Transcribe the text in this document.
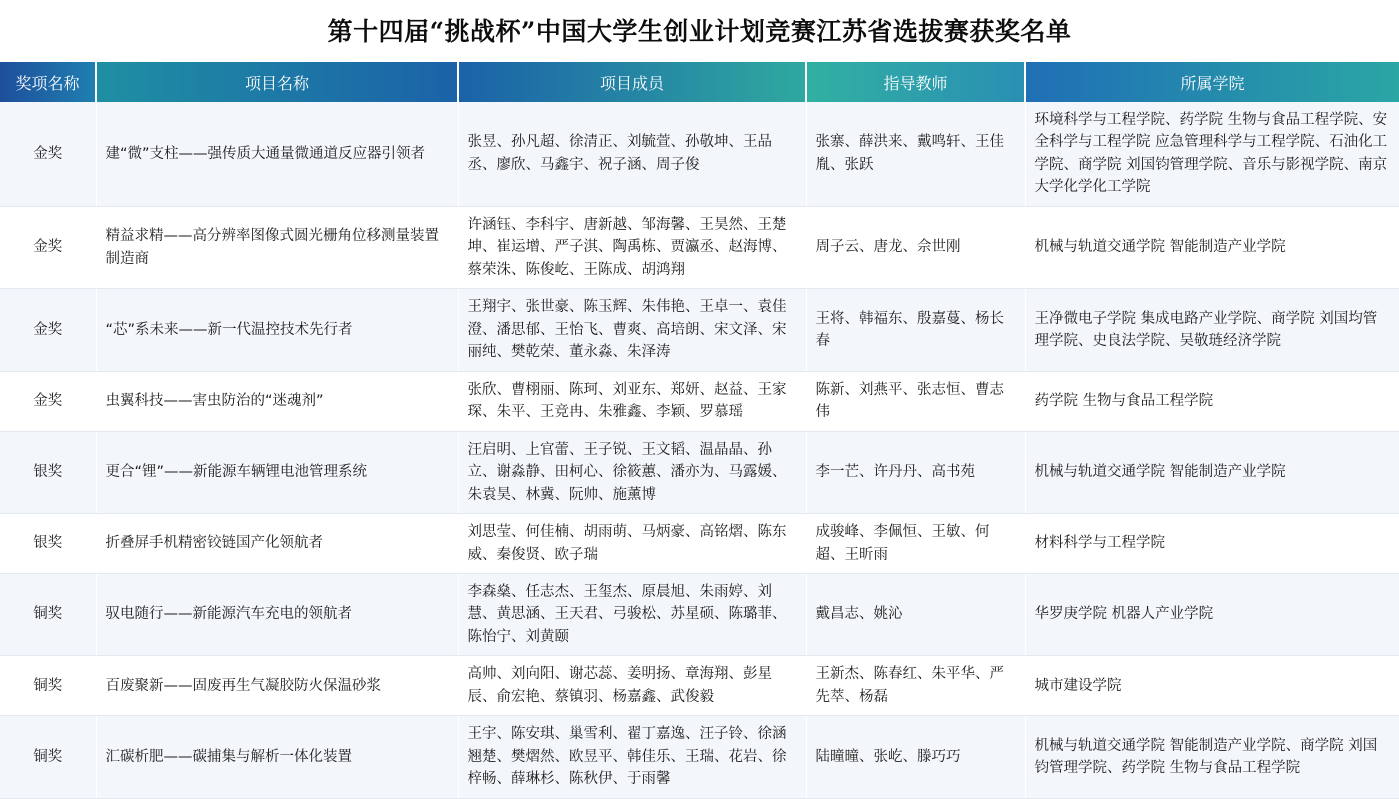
第十四届“挑战杯”中国大学生创业计划竞赛江苏省选拔赛获奖名单
奖项名称	项目名称	项目成员	指导教师	所属学院
金奖	建“微”支柱——强传质大通量微通道反应器引领者	张昱、孙凡超、徐清正、刘毓萱、孙敬坤、王品丞、廖欣、马鑫宇、祝子涵、周子俊	张寨、薛洪来、戴鸣轩、王佳胤、张跃	环境科学与工程学院、药学院 生物与食品工程学院、安全科学与工程学院 应急管理科学与工程学院、石油化工学院、商学院 刘国钧管理学院、音乐与影视学院、南京大学化学化工学院
金奖	精益求精——高分辨率图像式圆光栅角位移测量装置制造商	许涵钰、李科宇、唐新越、邹海馨、王昊然、王楚坤、崔运增、严子淇、陶禹栋、贾瀛丞、赵海博、蔡荣洙、陈俊屹、王陈成、胡鸿翔	周子云、唐龙、佘世刚	机械与轨道交通学院 智能制造产业学院
金奖	“芯”系未来——新一代温控技术先行者	王翔宇、张世豪、陈玉辉、朱伟艳、王卓一、袁佳澄、潘思郁、王怡飞、曹爽、高培朗、宋文泽、宋丽纯、樊乾荣、董永淼、朱泽涛	王将、韩福东、殷嘉蔓、杨长春	王净微电子学院 集成电路产业学院、商学院 刘国均管理学院、史良法学院、吴敬琏经济学院
金奖	虫翼科技——害虫防治的“迷魂剂”	张欣、曹栩丽、陈珂、刘亚东、郑妍、赵益、王家琛、朱平、王竞冉、朱雅鑫、李颖、罗慕瑶	陈新、刘燕平、张志恒、曹志伟	药学院 生物与食品工程学院
银奖	更合“锂”——新能源车辆锂电池管理系统	汪启明、上官蕾、王子锐、王文韬、温晶晶、孙立、谢淼静、田柯心、徐筱蕙、潘亦为、马露媛、朱袁昊、林冀、阮帅、施薰博	李一芒、许丹丹、高书苑	机械与轨道交通学院 智能制造产业学院
银奖	折叠屏手机精密铰链国产化领航者	刘思莹、何佳楠、胡雨萌、马炳豪、高铭熠、陈东威、秦俊贤、欧子瑞	成骏峰、李佩恒、王敏、何超、王昕雨	材料科学与工程学院
铜奖	驭电随行——新能源汽车充电的领航者	李森燊、任志杰、王玺杰、原晨旭、朱雨婷、刘慧、黄思涵、王天君、弓骏松、苏星硕、陈璐菲、陈怡宁、刘黄颐	戴昌志、姚沁	华罗庚学院 机器人产业学院
铜奖	百废聚新——固废再生气凝胶防火保温砂浆	高帅、刘向阳、谢芯蕊、姜明扬、章海翔、彭星辰、俞宏艳、蔡镇羽、杨嘉鑫、武俊毅	王新杰、陈春红、朱平华、严先萃、杨磊	城市建设学院
铜奖	汇碳析肥——碳捕集与解析一体化装置	王宇、陈安琪、巢雪利、翟丁嘉逸、汪子铃、徐涵翘楚、樊熠然、欧昱平、韩佳乐、王瑞、花岩、徐梓畅、薛琳杉、陈秋伊、于雨馨	陆曈曈、张屹、滕巧巧	机械与轨道交通学院 智能制造产业学院、商学院 刘国钧管理学院、药学院 生物与食品工程学院
